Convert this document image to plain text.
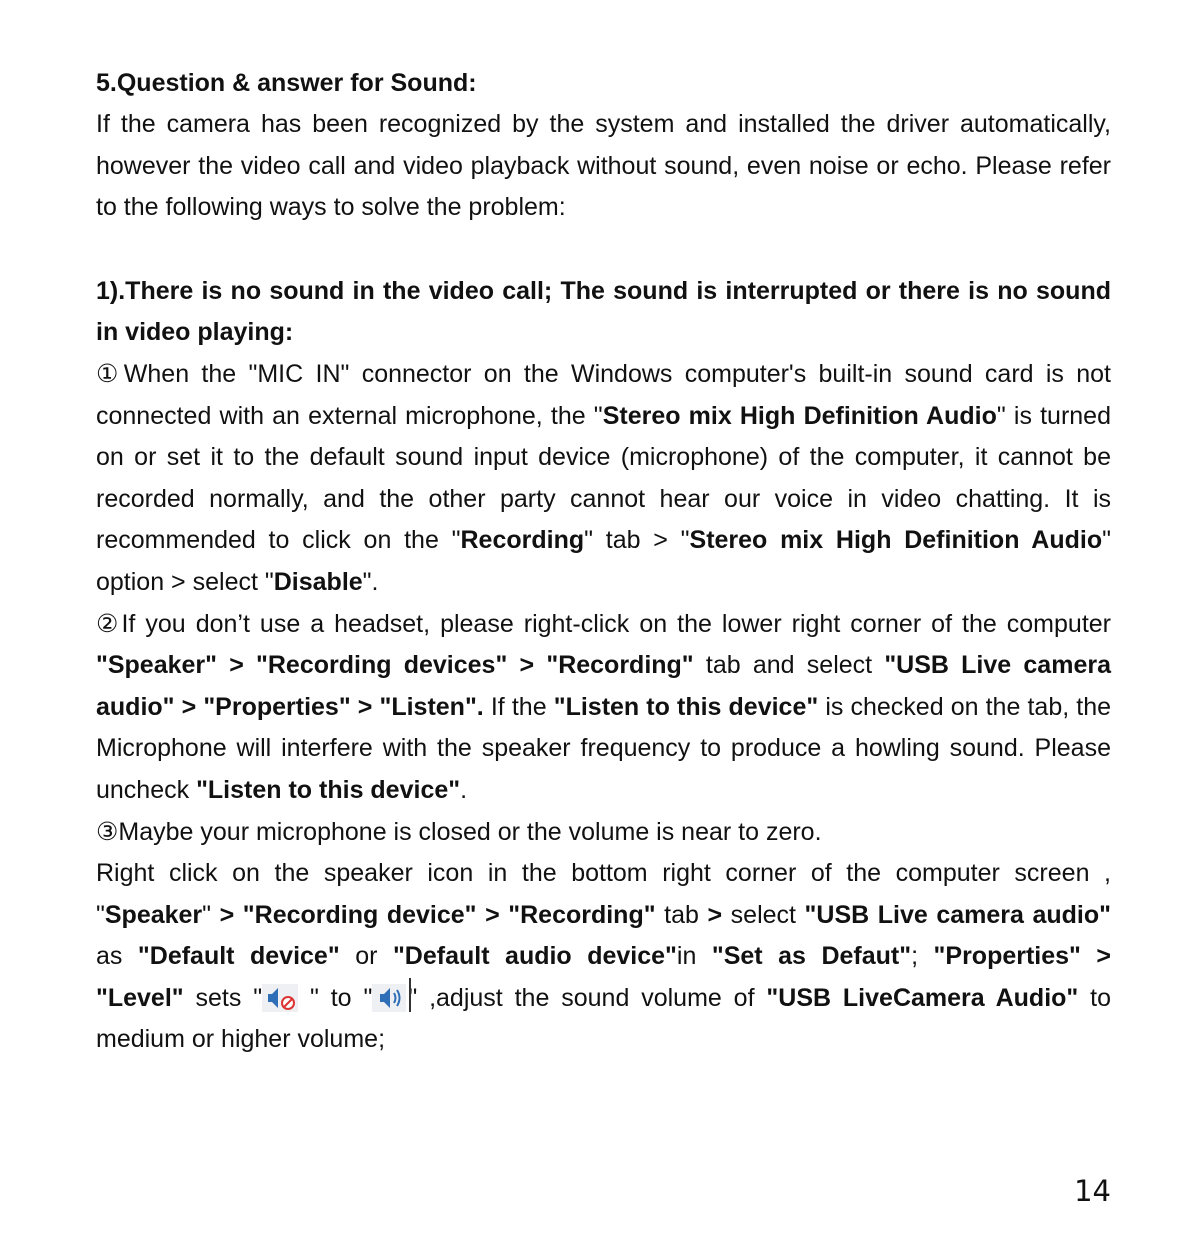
5.Question & answer for Sound:

If the camera has been recognized by the system and installed the driver automatically, however the video call and video playback without sound, even noise or echo. Please refer to the following ways to solve the problem:

1).There is no sound in the video call; The sound is interrupted or there is no sound in video playing:

①When the "MIC IN" connector on the Windows computer's built-in sound card is not connected with an external microphone, the "Stereo mix High Definition Audio" is turned on or set it to the default sound input device (microphone) of the computer, it cannot be recorded normally, and the other party cannot hear our voice in video chatting. It is recommended to click on the "Recording" tab > "Stereo mix High Definition Audio" option > select "Disable".

②If you don’t use a headset, please right-click on the lower right corner of the computer "Speaker" > "Recording devices" > "Recording" tab and select "USB Live camera audio" > "Properties" > "Listen". If the "Listen to this device" is checked on the tab, the Microphone will interfere with the speaker frequency to produce a howling sound. Please uncheck "Listen to this device".

③Maybe your microphone is closed or the volume is near to zero.

Right click on the speaker icon in the bottom right corner of the computer screen , "Speaker" > "Recording device" > "Recording" tab > select "USB Live camera audio" as "Default device" or "Default audio device"in "Set as Defaut"; "Properties" > "Level" sets "
" to " " ,adjust the sound volume of "USB LiveCamera Audio" to medium or higher volume;

14
